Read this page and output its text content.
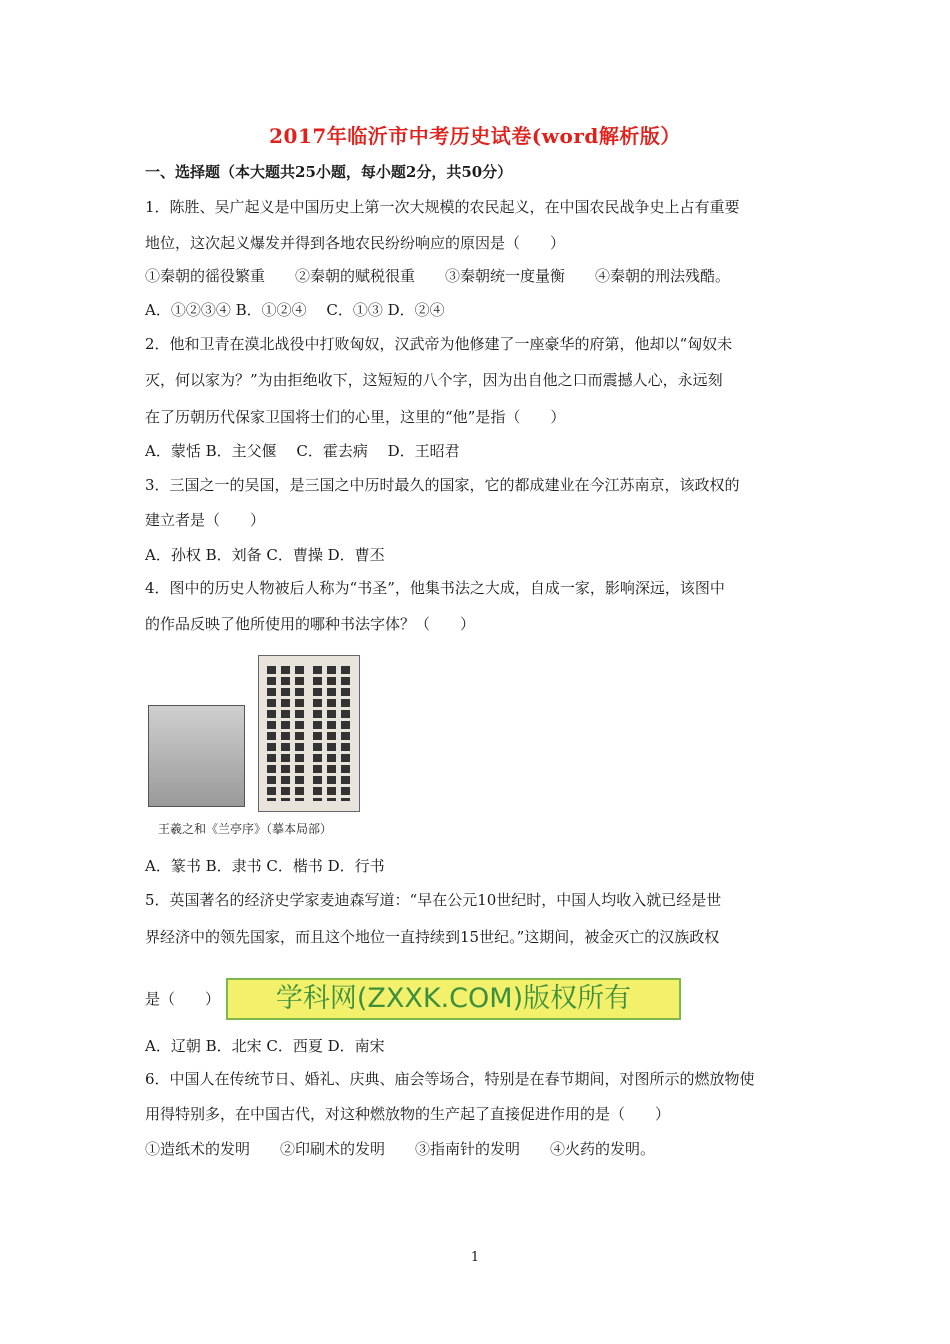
2017年临沂市中考历史试卷(word解析版）
一、选择题（本大题共25小题，每小题2分，共50分）
1．陈胜、吴广起义是中国历史上第一次大规模的农民起义，在中国农民战争史上占有重要
地位，这次起义爆发并得到各地农民纷纷响应的原因是（　　）
①秦朝的徭役繁重　　②秦朝的赋税很重　　③秦朝统一度量衡　　④秦朝的刑法残酷。
A．①②③④ B．①②④　 C．①③ D．②④
2．他和卫青在漠北战役中打败匈奴，汉武帝为他修建了一座豪华的府第，他却以“匈奴未
灭，何以家为？”为由拒绝收下，这短短的八个字，因为出自他之口而震撼人心，永远刻
在了历朝历代保家卫国将士们的心里，这里的“他”是指（　　）
A．蒙恬 B．主父偃　 C．霍去病　 D．王昭君
3．三国之一的吴国，是三国之中历时最久的国家，它的都成建业在今江苏南京，该政权的
建立者是（　　）
A．孙权 B．刘备 C．曹操 D．曹丕
4．图中的历史人物被后人称为“书圣”，他集书法之大成，自成一家，影响深远，该图中
的作品反映了他所使用的哪种书法字体？（　　）
王羲之和《兰亭序》（摹本局部）
A．篆书 B．隶书 C．楷书 D．行书
5．英国著名的经济史学家麦迪森写道：“早在公元10世纪时，中国人均收入就已经是世
界经济中的领先国家，而且这个地位一直持续到15世纪。”这期间，被金灭亡的汉族政权
是（　　）	学科网(ZXXK.COM)版权所有
A．辽朝 B．北宋 C．西夏 D．南宋
6．中国人在传统节日、婚礼、庆典、庙会等场合，特别是在春节期间，对图所示的燃放物使
用得特别多，在中国古代，对这种燃放物的生产起了直接促进作用的是（　　）
①造纸术的发明　　②印刷术的发明　　③指南针的发明　　④火药的发明。
1
